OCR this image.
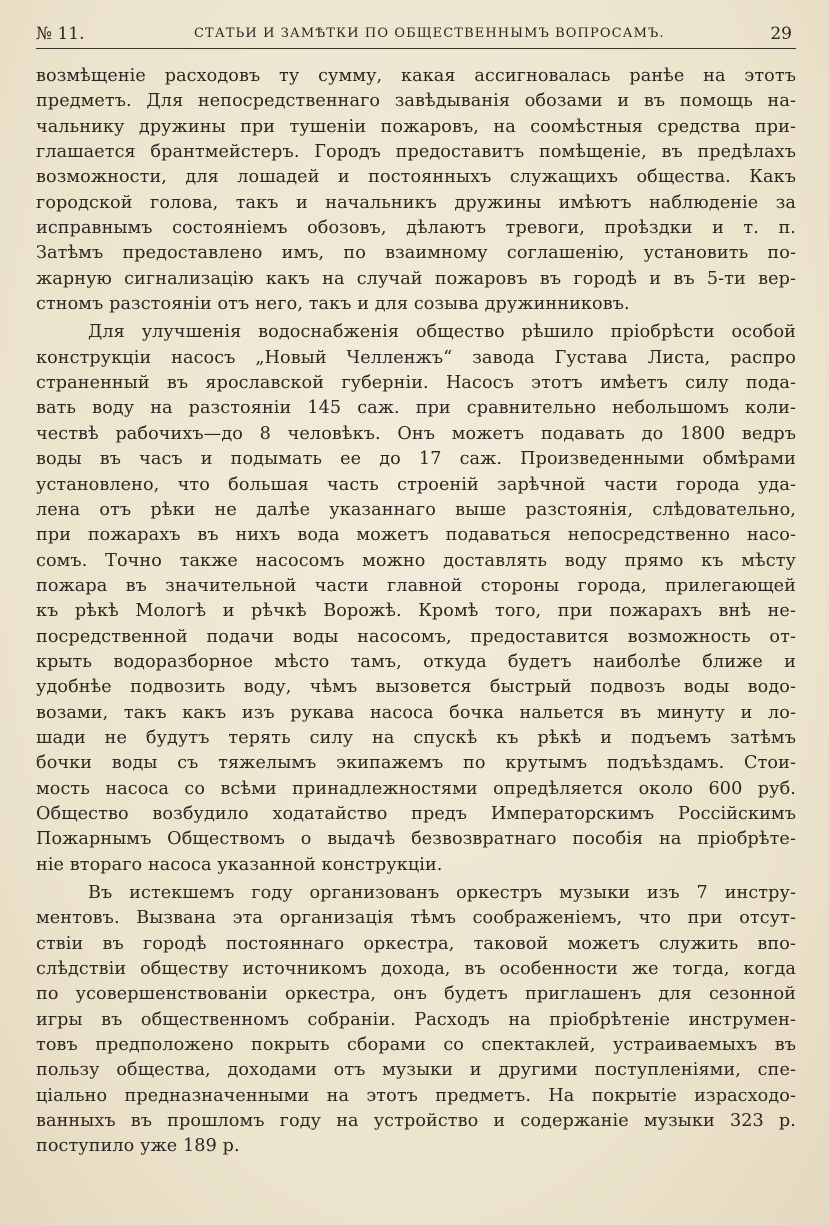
№ 11.	СТАТЬИ И ЗАМѢТКИ ПО ОБЩЕСТВЕННЫМЪ ВОПРОСАМЪ.	29
возмѣщеніе расходовъ ту сумму, какая ассигновалась ранѣе на этотъ
предметъ. Для непосредственнаго завѣдыванія обозами и въ помощь на-
чальнику дружины при тушеніи пожаровъ, на соомѣстныя средства при-
глашается брантмейстеръ. Городъ предоставитъ помѣщеніе, въ предѣлахъ
возможности, для лошадей и постоянныхъ служащихъ общества. Какъ
городской голова, такъ и начальникъ дружины имѣютъ наблюденіе за
исправнымъ состояніемъ обозовъ, дѣлаютъ тревоги, проѣздки и т. п.
Затѣмъ предоставлено имъ, по взаимному соглашенію, установить по-
жарную сигнализацію какъ на случай пожаровъ въ городѣ и въ 5-ти вер-
стномъ разстояніи отъ него, такъ и для созыва дружинниковъ.
Для улучшенія водоснабженія общество рѣшило пріобрѣсти особой
конструкціи насосъ „Новый Челленжъ“ завода Густава Листа, распро
страненный въ ярославской губерніи. Насосъ этотъ имѣетъ силу пода-
вать воду на разстояніи 145 саж. при сравнительно небольшомъ коли-
чествѣ рабочихъ—до 8 человѣкъ. Онъ можетъ подавать до 1800 ведръ
воды въ часъ и подымать ее до 17 саж. Произведенными обмѣрами
установлено, что большая часть строеній зарѣчной части города уда-
лена отъ рѣки не далѣе указаннаго выше разстоянія, слѣдовательно,
при пожарахъ въ нихъ вода можетъ подаваться непосредственно насо-
сомъ. Точно также насосомъ можно доставлять воду прямо къ мѣсту
пожара въ значительной части главной стороны города, прилегающей
къ рѣкѣ Мологѣ и рѣчкѣ Ворожѣ. Кромѣ того, при пожарахъ внѣ не-
посредственной подачи воды насосомъ, предоставится возможность от-
крыть водоразборное мѣсто тамъ, откуда будетъ наиболѣе ближе и
удобнѣе подвозить воду, чѣмъ вызовется быстрый подвозъ воды водо-
возами, такъ какъ изъ рукава насоса бочка нальется въ минуту и ло-
шади не будутъ терять силу на спускѣ къ рѣкѣ и подъемъ затѣмъ
бочки воды съ тяжелымъ экипажемъ по крутымъ подъѣздамъ. Стои-
мость насоса со всѣми принадлежностями опредѣляется около 600 руб.
Общество возбудило ходатайство предъ Императорскимъ Россійскимъ
Пожарнымъ Обществомъ о выдачѣ безвозвратнаго пособія на пріобрѣте-
ніе вторaго насоса указанной конструкціи.
Въ истекшемъ году организованъ оркестръ музыки изъ 7 инстру-
ментовъ. Вызвана эта организація тѣмъ соображеніемъ, что при отсут-
ствіи въ городѣ постояннаго оркестра, таковой можетъ служить впо-
слѣдствіи обществу источникомъ дохода, въ особенности же тогда, когда
по усовершенствованіи оркестра, онъ будетъ приглашенъ для сезонной
игры въ общественномъ собраніи. Расходъ на пріобрѣтеніе инструмен-
товъ предположено покрыть сборами со спектаклей, устраиваемыхъ въ
пользу общества, доходами отъ музыки и другими поступленіями, спе-
ціально предназначенными на этотъ предметъ. На покрытіе израсходо-
ванныхъ въ прошломъ году на устройство и содержаніе музыки 323 р.
поступило уже 189 р.
